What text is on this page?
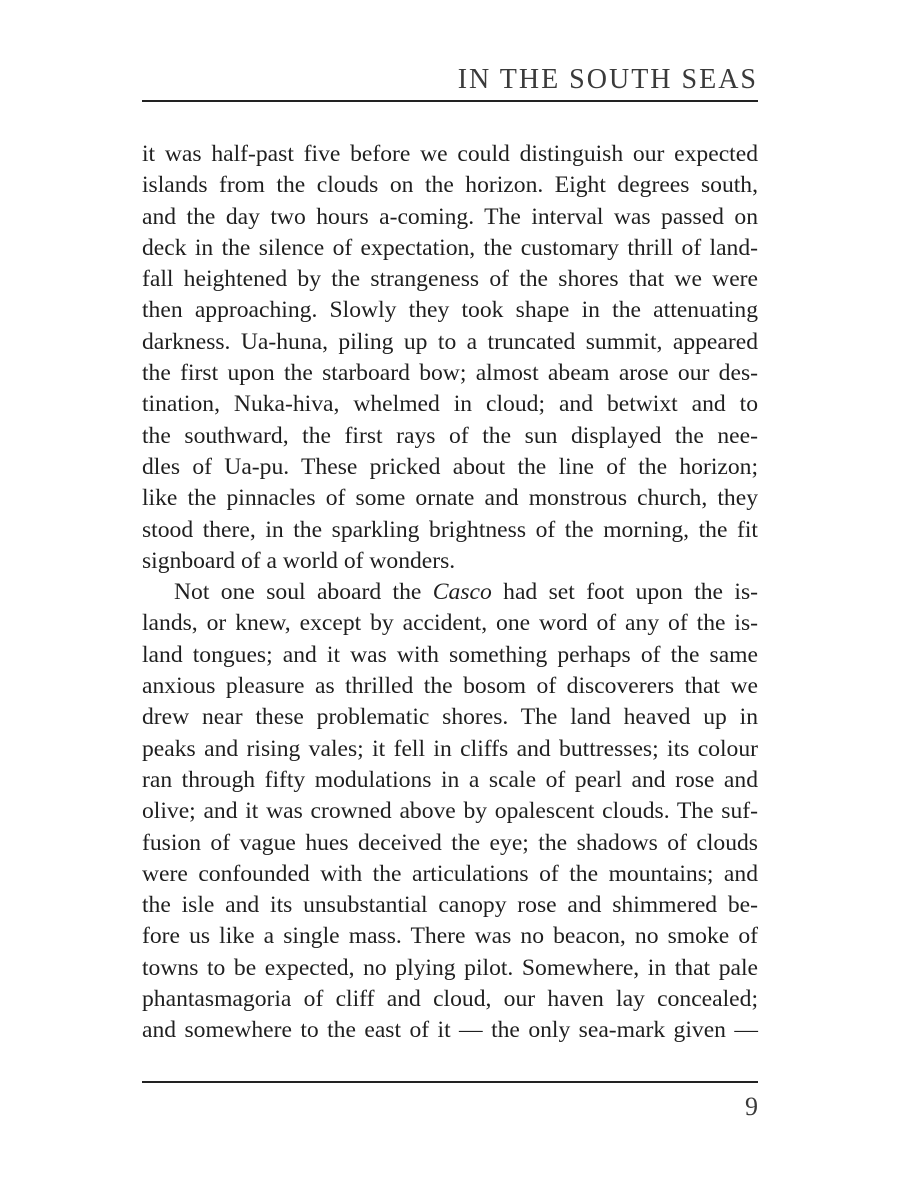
IN THE SOUTH SEAS
it was half-past five before we could distinguish our expected
islands from the clouds on the horizon. Eight degrees south,
and the day two hours a-coming. The interval was passed on
deck in the silence of expectation, the customary thrill of land-
fall heightened by the strangeness of the shores that we were
then approaching. Slowly they took shape in the attenuating
darkness. Ua-huna, piling up to a truncated summit, appeared
the first upon the starboard bow; almost abeam arose our des-
tination, Nuka-hiva, whelmed in cloud; and betwixt and to
the southward, the first rays of the sun displayed the nee-
dles of Ua-pu. These pricked about the line of the horizon;
like the pinnacles of some ornate and monstrous church, they
stood there, in the sparkling brightness of the morning, the fit
signboard of a world of wonders.
Not one soul aboard the Casco had set foot upon the is-
lands, or knew, except by accident, one word of any of the is-
land tongues; and it was with something perhaps of the same
anxious pleasure as thrilled the bosom of discoverers that we
drew near these problematic shores. The land heaved up in
peaks and rising vales; it fell in cliffs and buttresses; its colour
ran through fifty modulations in a scale of pearl and rose and
olive; and it was crowned above by opalescent clouds. The suf-
fusion of vague hues deceived the eye; the shadows of clouds
were confounded with the articulations of the mountains; and
the isle and its unsubstantial canopy rose and shimmered be-
fore us like a single mass. There was no beacon, no smoke of
towns to be expected, no plying pilot. Somewhere, in that pale
phantasmagoria of cliff and cloud, our haven lay concealed;
and somewhere to the east of it — the only sea-mark given —
9
